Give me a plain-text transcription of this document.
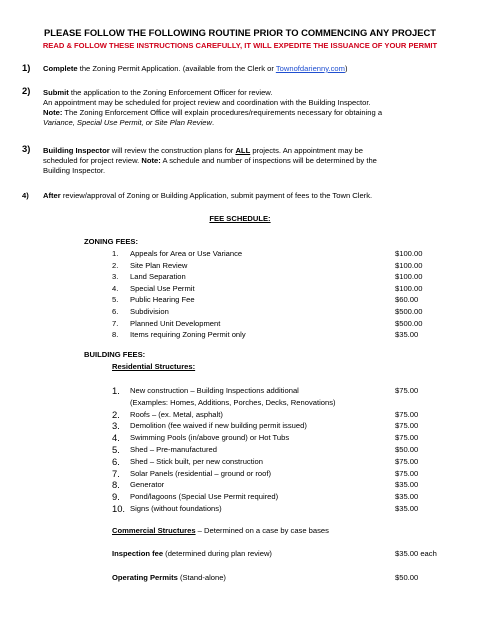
PLEASE FOLLOW THE FOLLOWING ROUTINE PRIOR TO COMMENCING ANY PROJECT
READ & FOLLOW THESE INSTRUCTIONS CAREFULLY, IT WILL EXPEDITE THE ISSUANCE OF YOUR PERMIT
1) Complete the Zoning Permit Application. (available from the Clerk or Townofdarienny.com)
2) Submit the application to the Zoning Enforcement Officer for review.
An appointment may be scheduled for project review and coordination with the Building Inspector.
Note: The Zoning Enforcement Office will explain procedures/requirements necessary for obtaining a
Variance, Special Use Permit, or Site Plan Review.
3) Building Inspector will review the construction plans for ALL projects. An appointment may be
scheduled for project review. Note: A schedule and number of inspections will be determined by the
Building Inspector.
4) After review/approval of Zoning or Building Application, submit payment of fees to the Town Clerk.
FEE SCHEDULE:
ZONING FEES:
1.	Appeals for Area or Use Variance	$100.00
2.	Site Plan Review	$100.00
3.	Land Separation	$100.00
4.	Special Use Permit	$100.00
5.	Public Hearing Fee	$60.00
6.	Subdivision	$500.00
7.	Planned Unit Development	$500.00
8.	Items requiring Zoning Permit only	$35.00
BUILDING FEES:
Residential Structures:
1.	New construction – Building Inspections additional	$75.00
(Examples: Homes, Additions, Porches, Decks, Renovations)
2.	Roofs – (ex. Metal, asphalt)	$75.00
3.	Demolition (fee waived if new building permit issued)	$75.00
4.	Swimming Pools (in/above ground) or Hot Tubs	$75.00
5.	Shed – Pre-manufactured	$50.00
6.	Shed – Stick built, per new construction	$75.00
7.	Solar Panels (residential – ground or roof)	$75.00
8.	Generator	$35.00
9.	Pond/lagoons (Special Use Permit required)	$35.00
10. Signs (without foundations)	$35.00
Commercial Structures – Determined on a case by case bases
Inspection fee (determined during plan review)	$35.00 each
Operating Permits (Stand-alone)	$50.00
